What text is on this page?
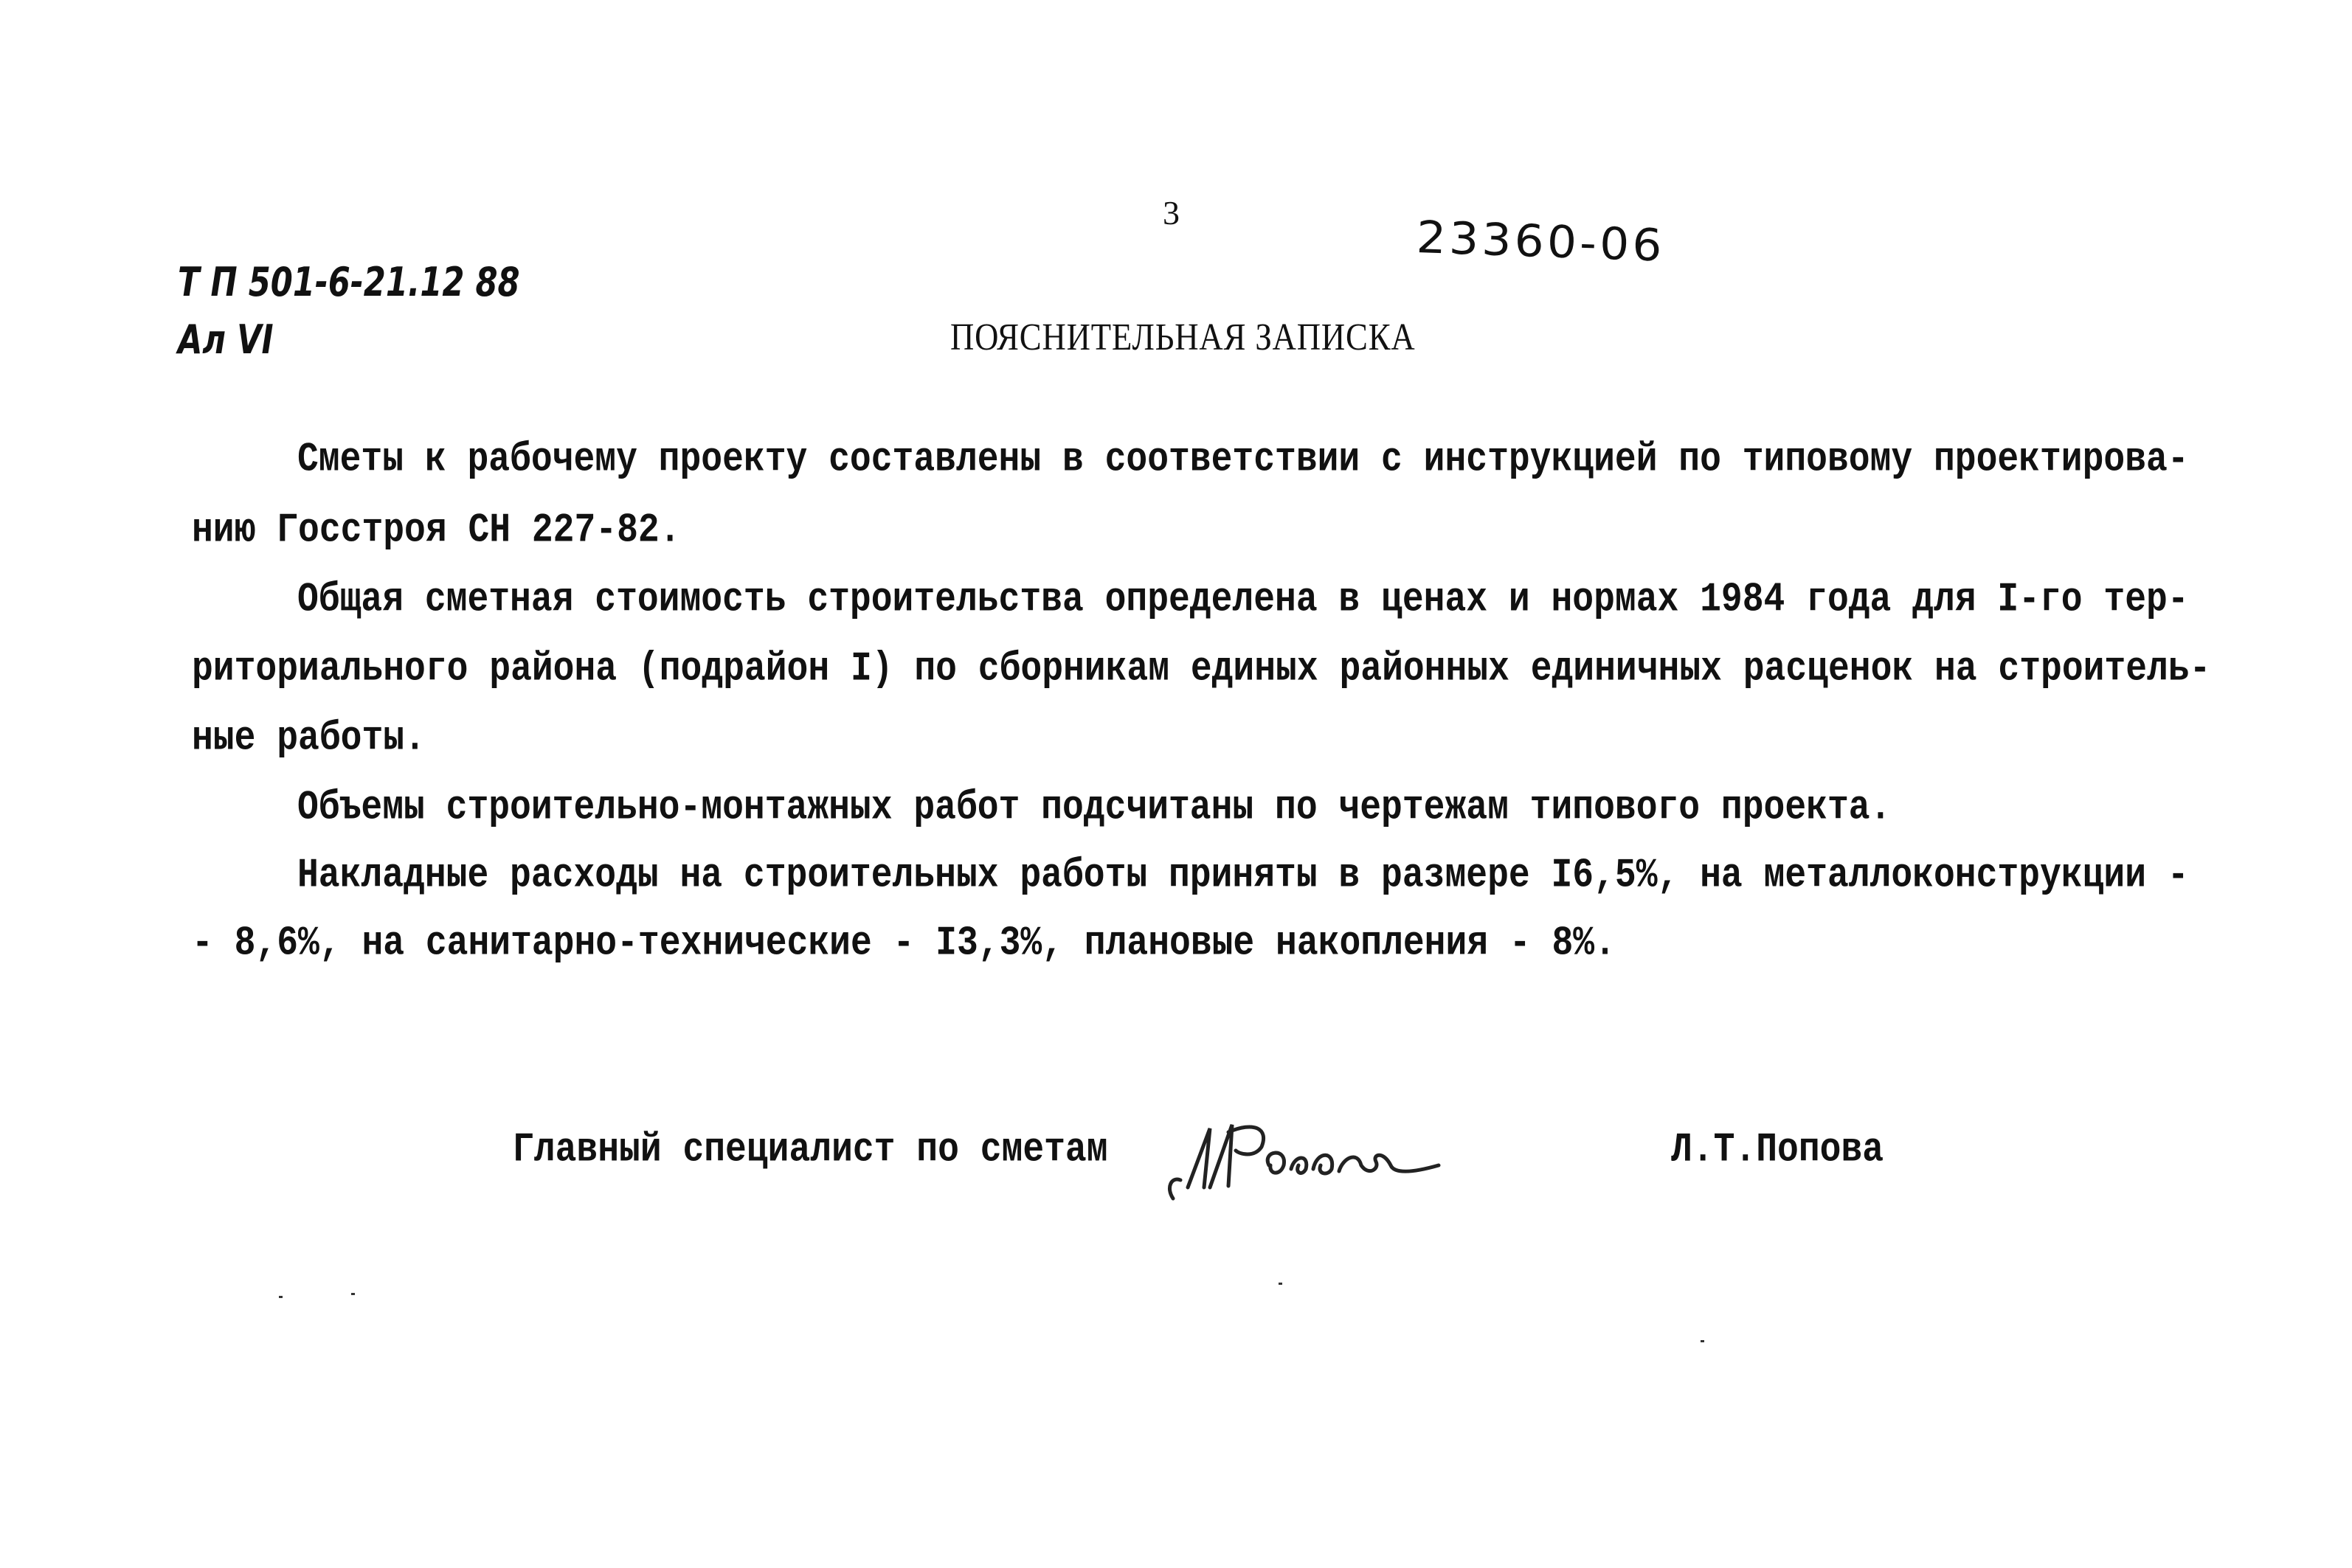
3	23360-06
Т П 501-6-21.12 88
Ал VI	ПОЯСНИТЕЛЬНАЯ ЗАПИСКА
Сметы к рабочему проекту составлены в соответствии с инструкцией по типовому проектирова-
нию Госстроя СН 227-82.
Общая сметная стоимость строительства определена в ценах и нормах 1984 года для I-го тер-
риториального района (подрайон I) по сборникам единых районных единичных расценок на строитель-
ные работы.
Объемы строительно-монтажных работ подсчитаны по чертежам типового проекта.
Накладные расходы на строительных работы приняты в размере I6,5%, на металлоконструкции -
- 8,6%, на санитарно-технические - I3,3%, плановые накопления - 8%.
Главный специалист по сметам	Л.Т.Попова
